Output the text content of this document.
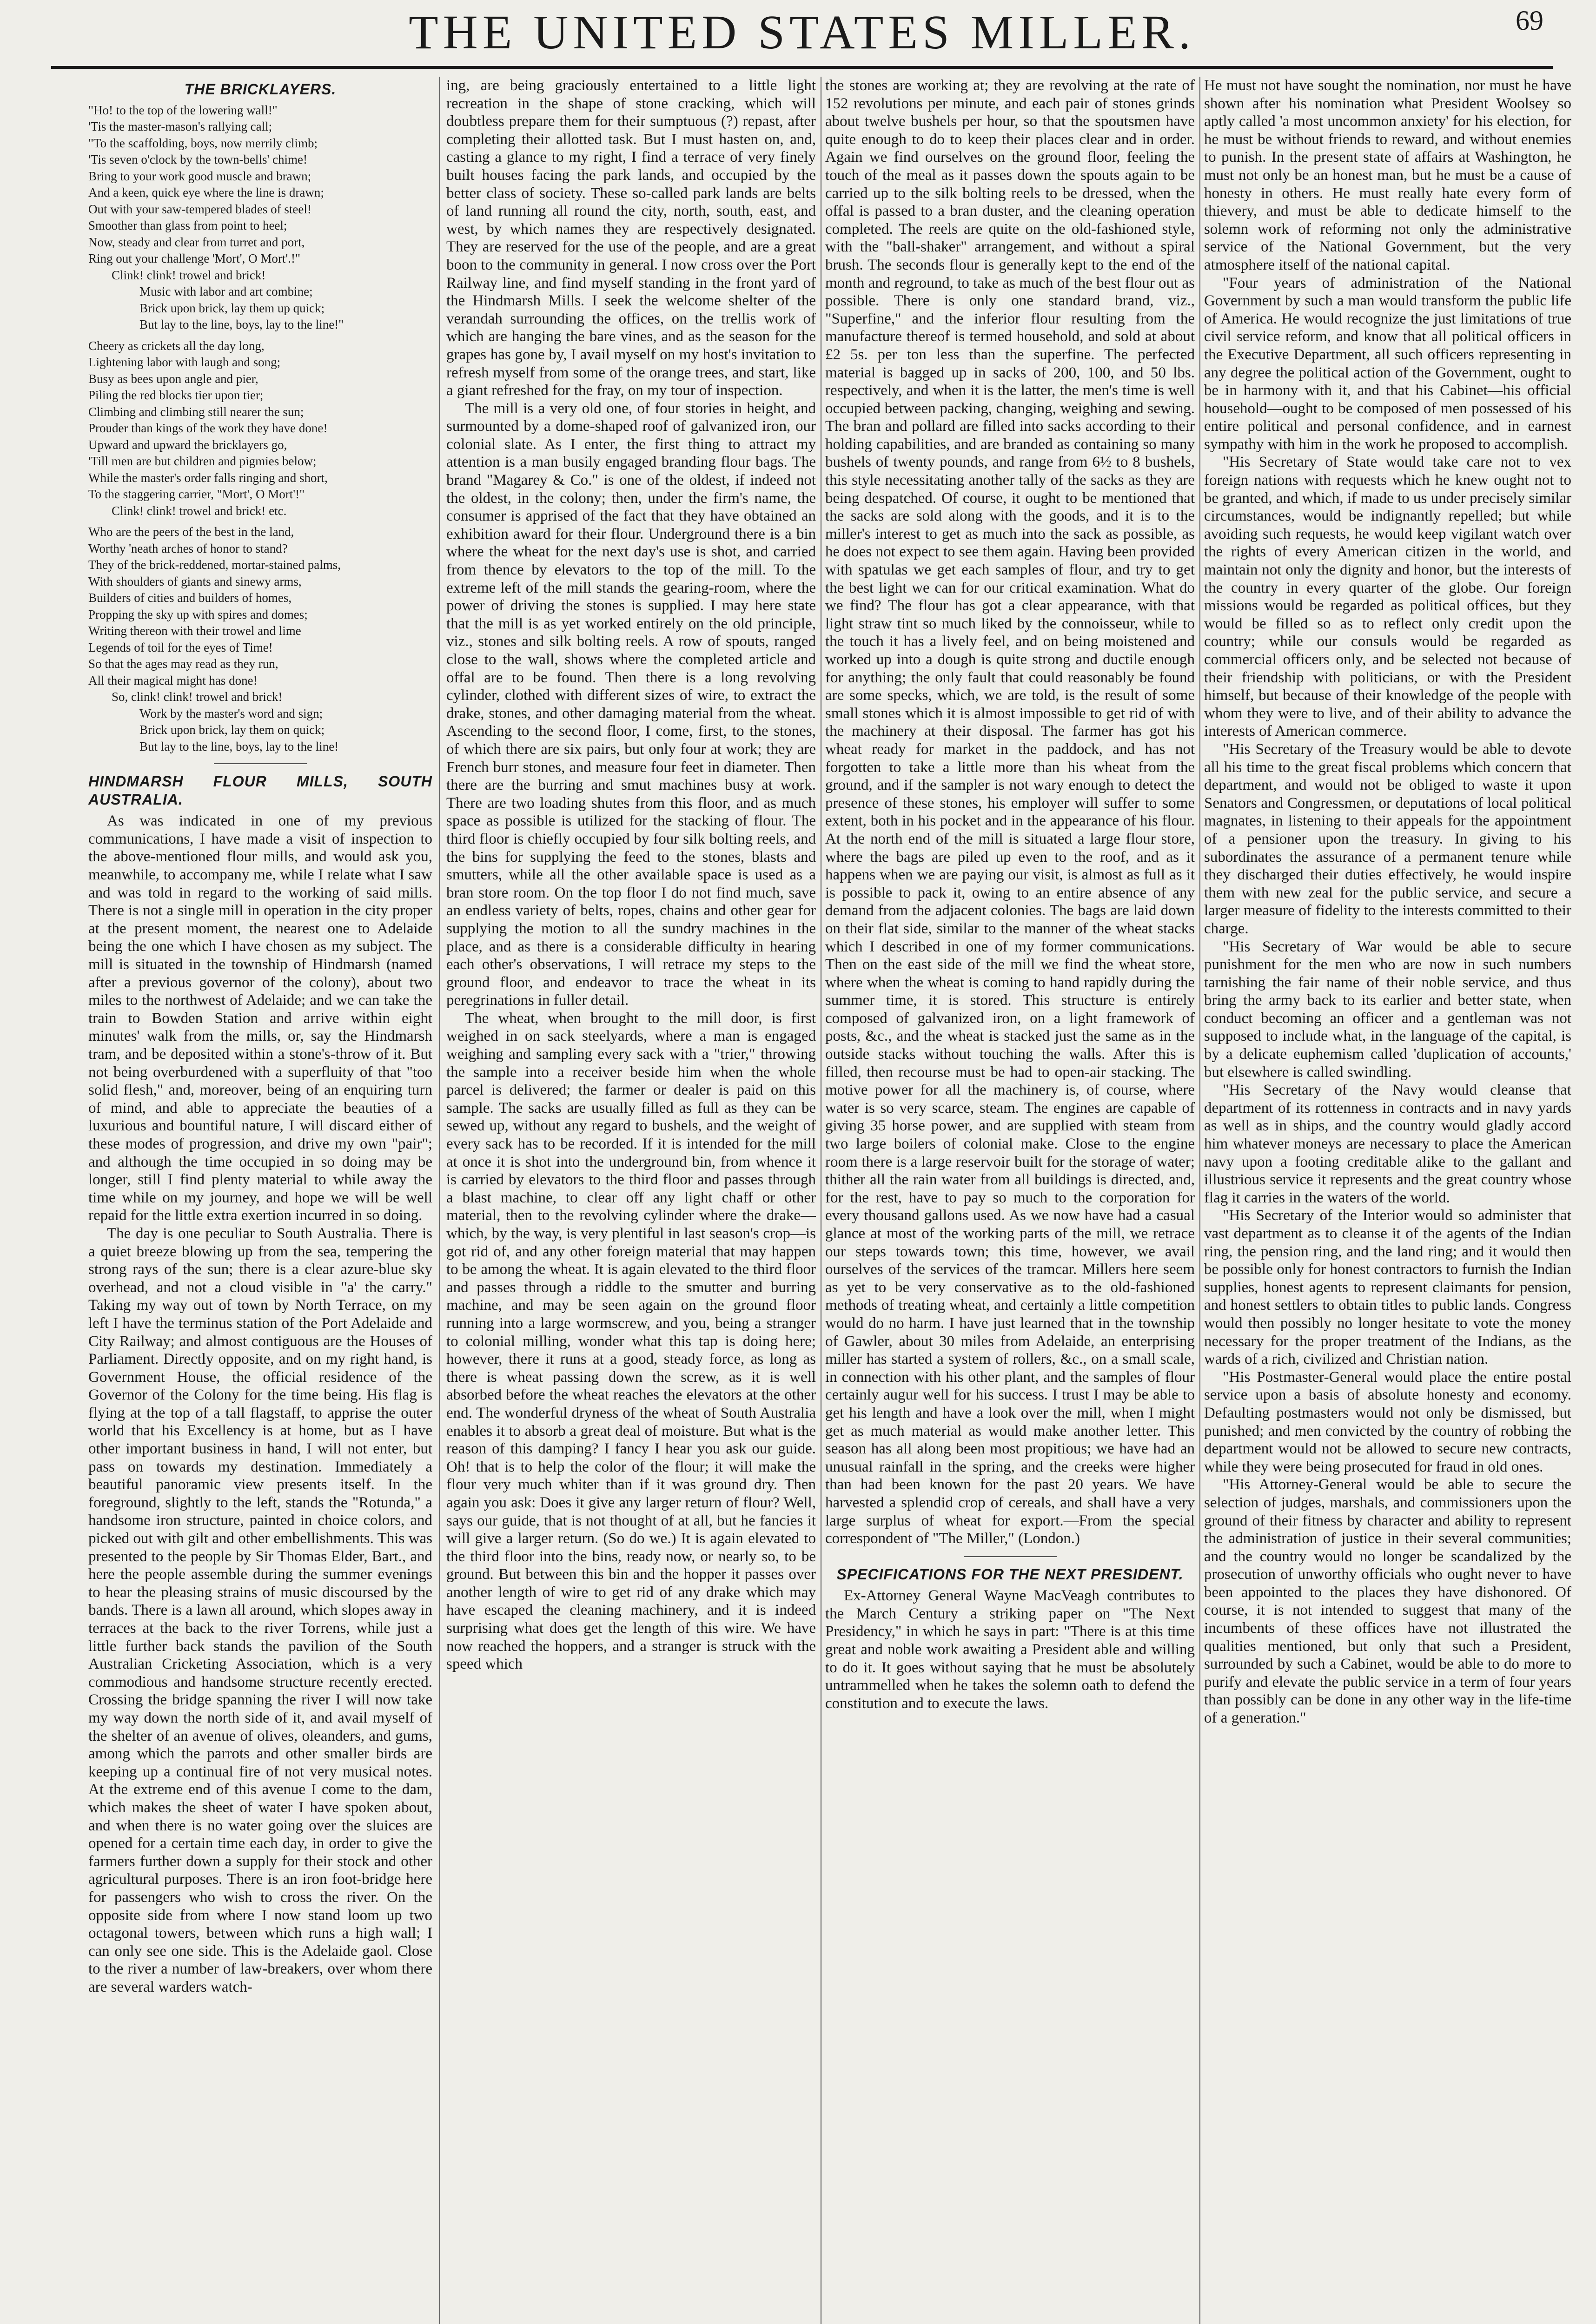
THE UNITED STATES MILLER.	69
THE BRICKLAYERS.
"Ho! to the top of the lowering wall!"
'Tis the master-mason's rallying call;
"To the scaffolding, boys, now merrily climb;
'Tis seven o'clock by the town-bells' chime!
Bring to your work good muscle and brawn;
And a keen, quick eye where the line is drawn;
Out with your saw-tempered blades of steel!
Smoother than glass from point to heel;
Now, steady and clear from turret and port,
Ring out your challenge 'Mort', O Mort'.!"
Clink! clink! trowel and brick!
Music with labor and art combine;
Brick upon brick, lay them up quick;
But lay to the line, boys, lay to the line!"
Cheery as crickets all the day long,
Lightening labor with laugh and song;
Busy as bees upon angle and pier,
Piling the red blocks tier upon tier;
Climbing and climbing still nearer the sun;
Prouder than kings of the work they have done!
Upward and upward the bricklayers go,
'Till men are but children and pigmies below;
While the master's order falls ringing and short,
To the staggering carrier, "Mort', O Mort'!"
Clink! clink! trowel and brick! etc.
Who are the peers of the best in the land,
Worthy 'neath arches of honor to stand?
They of the brick-reddened, mortar-stained palms,
With shoulders of giants and sinewy arms,
Builders of cities and builders of homes,
Propping the sky up with spires and domes;
Writing thereon with their trowel and lime
Legends of toil for the eyes of Time!
So that the ages may read as they run,
All their magical might has done!
So, clink! clink! trowel and brick!
Work by the master's word and sign;
Brick upon brick, lay them on quick;
But lay to the line, boys, lay to the line!
HINDMARSH FLOUR MILLS, SOUTH AUSTRALIA.

As was indicated in one of my previous communications, I have made a visit of inspection to the above-mentioned flour mills, and would ask you, meanwhile, to accompany me, while I relate what I saw and was told in regard to the working of said mills. There is not a single mill in operation in the city proper at the present moment, the nearest one to Adelaide being the one which I have chosen as my subject. The mill is situated in the township of Hindmarsh (named after a previous governor of the colony), about two miles to the northwest of Adelaide; and we can take the train to Bowden Station and arrive within eight minutes' walk from the mills, or, say the Hindmarsh tram, and be deposited within a stone's-throw of it. But not being overburdened with a superfluity of that "too solid flesh," and, moreover, being of an enquiring turn of mind, and able to appreciate the beauties of a luxurious and bountiful nature, I will discard either of these modes of progression, and drive my own "pair"; and although the time occupied in so doing may be longer, still I find plenty material to while away the time while on my journey, and hope we will be well repaid for the little extra exertion incurred in so doing.

The day is one peculiar to South Australia. There is a quiet breeze blowing up from the sea, tempering the strong rays of the sun; there is a clear azure-blue sky overhead, and not a cloud visible in "a' the carry." Taking my way out of town by North Terrace, on my left I have the terminus station of the Port Adelaide and City Railway; and almost contiguous are the Houses of Parliament. Directly opposite, and on my right hand, is Government House, the official residence of the Governor of the Colony for the time being. His flag is flying at the top of a tall flagstaff, to apprise the outer world that his Excellency is at home, but as I have other important business in hand, I will not enter, but pass on towards my destination. Immediately a beautiful panoramic view presents itself. In the foreground, slightly to the left, stands the "Rotunda," a handsome iron structure, painted in choice colors, and picked out with gilt and other embellishments. This was presented to the people by Sir Thomas Elder, Bart., and here the people assemble during the summer evenings to hear the pleasing strains of music discoursed by the bands. There is a lawn all around, which slopes away in terraces at the back to the river Torrens, while just a little further back stands the pavilion of the South Australian Cricketing Association, which is a very commodious and handsome structure recently erected. Crossing the bridge spanning the river I will now take my way down the north side of it, and avail myself of the shelter of an avenue of olives, oleanders, and gums, among which the parrots and other smaller birds are keeping up a continual fire of not very musical notes. At the extreme end of this avenue I come to the dam, which makes the sheet of water I have spoken about, and when there is no water going over the sluices are opened for a certain time each day, in order to give the farmers further down a supply for their stock and other agricultural purposes. There is an iron foot-bridge here for passengers who wish to cross the river. On the opposite side from where I now stand loom up two octagonal towers, between which runs a high wall; I can only see one side. This is the Adelaide gaol. Close to the river a number of law-breakers, over whom there are several warders watch-

ing, are being graciously entertained to a little light recreation in the shape of stone cracking, which will doubtless prepare them for their sumptuous (?) repast, after completing their allotted task. But I must hasten on, and, casting a glance to my right, I find a terrace of very finely built houses facing the park lands, and occupied by the better class of society. These so-called park lands are belts of land running all round the city, north, south, east, and west, by which names they are respectively designated. They are reserved for the use of the people, and are a great boon to the community in general. I now cross over the Port Railway line, and find myself standing in the front yard of the Hindmarsh Mills. I seek the welcome shelter of the verandah surrounding the offices, on the trellis work of which are hanging the bare vines, and as the season for the grapes has gone by, I avail myself on my host's invitation to refresh myself from some of the orange trees, and start, like a giant refreshed for the fray, on my tour of inspection.

The mill is a very old one, of four stories in height, and surmounted by a dome-shaped roof of galvanized iron, our colonial slate. As I enter, the first thing to attract my attention is a man busily engaged branding flour bags. The brand "Magarey & Co." is one of the oldest, if indeed not the oldest, in the colony; then, under the firm's name, the consumer is apprised of the fact that they have obtained an exhibition award for their flour. Underground there is a bin where the wheat for the next day's use is shot, and carried from thence by elevators to the top of the mill. To the extreme left of the mill stands the gearing-room, where the power of driving the stones is supplied. I may here state that the mill is as yet worked entirely on the old principle, viz., stones and silk bolting reels. A row of spouts, ranged close to the wall, shows where the completed article and offal are to be found. Then there is a long revolving cylinder, clothed with different sizes of wire, to extract the drake, stones, and other damaging material from the wheat. Ascending to the second floor, I come, first, to the stones, of which there are six pairs, but only four at work; they are French burr stones, and measure four feet in diameter. Then there are the burring and smut machines busy at work. There are two loading shutes from this floor, and as much space as possible is utilized for the stacking of flour. The third floor is chiefly occupied by four silk bolting reels, and the bins for supplying the feed to the stones, blasts and smutters, while all the other available space is used as a bran store room. On the top floor I do not find much, save an endless variety of belts, ropes, chains and other gear for supplying the motion to all the sundry machines in the place, and as there is a considerable difficulty in hearing each other's observations, I will retrace my steps to the ground floor, and endeavor to trace the wheat in its peregrinations in fuller detail.

The wheat, when brought to the mill door, is first weighed in on sack steelyards, where a man is engaged weighing and sampling every sack with a "trier," throwing the sample into a receiver beside him when the whole parcel is delivered; the farmer or dealer is paid on this sample. The sacks are usually filled as full as they can be sewed up, without any regard to bushels, and the weight of every sack has to be recorded. If it is intended for the mill at once it is shot into the underground bin, from whence it is carried by elevators to the third floor and passes through a blast machine, to clear off any light chaff or other material, then to the revolving cylinder where the drake—which, by the way, is very plentiful in last season's crop—is got rid of, and any other foreign material that may happen to be among the wheat. It is again elevated to the third floor and passes through a riddle to the smutter and burring machine, and may be seen again on the ground floor running into a large wormscrew, and you, being a stranger to colonial milling, wonder what this tap is doing here; however, there it runs at a good, steady force, as long as there is wheat passing down the screw, as it is well absorbed before the wheat reaches the elevators at the other end. The wonderful dryness of the wheat of South Australia enables it to absorb a great deal of moisture. But what is the reason of this damping? I fancy I hear you ask our guide. Oh! that is to help the color of the flour; it will make the flour very much whiter than if it was ground dry. Then again you ask: Does it give any larger return of flour? Well, says our guide, that is not thought of at all, but he fancies it will give a larger return. (So do we.) It is again elevated to the third floor into the bins, ready now, or nearly so, to be ground. But between this bin and the hopper it passes over another length of wire to get rid of any drake which may have escaped the cleaning machinery, and it is indeed surprising what does get the length of this wire. We have now reached the hoppers, and a stranger is struck with the speed which

the stones are working at; they are revolving at the rate of 152 revolutions per minute, and each pair of stones grinds about twelve bushels per hour, so that the spoutsmen have quite enough to do to keep their places clear and in order. Again we find ourselves on the ground floor, feeling the touch of the meal as it passes down the spouts again to be carried up to the silk bolting reels to be dressed, when the offal is passed to a bran duster, and the cleaning operation completed. The reels are quite on the old-fashioned style, with the "ball-shaker" arrangement, and without a spiral brush. The seconds flour is generally kept to the end of the month and reground, to take as much of the best flour out as possible. There is only one standard brand, viz., "Superfine," and the inferior flour resulting from the manufacture thereof is termed household, and sold at about £2 5s. per ton less than the superfine. The perfected material is bagged up in sacks of 200, 100, and 50 lbs. respectively, and when it is the latter, the men's time is well occupied between packing, changing, weighing and sewing. The bran and pollard are filled into sacks according to their holding capabilities, and are branded as containing so many bushels of twenty pounds, and range from 6½ to 8 bushels, this style necessitating another tally of the sacks as they are being despatched. Of course, it ought to be mentioned that the sacks are sold along with the goods, and it is to the miller's interest to get as much into the sack as possible, as he does not expect to see them again. Having been provided with spatulas we get each samples of flour, and try to get the best light we can for our critical examination. What do we find? The flour has got a clear appearance, with that light straw tint so much liked by the connoisseur, while to the touch it has a lively feel, and on being moistened and worked up into a dough is quite strong and ductile enough for anything; the only fault that could reasonably be found are some specks, which, we are told, is the result of some small stones which it is almost impossible to get rid of with the machinery at their disposal. The farmer has got his wheat ready for market in the paddock, and has not forgotten to take a little more than his wheat from the ground, and if the sampler is not wary enough to detect the presence of these stones, his employer will suffer to some extent, both in his pocket and in the appearance of his flour. At the north end of the mill is situated a large flour store, where the bags are piled up even to the roof, and as it happens when we are paying our visit, is almost as full as it is possible to pack it, owing to an entire absence of any demand from the adjacent colonies. The bags are laid down on their flat side, similar to the manner of the wheat stacks which I described in one of my former communications. Then on the east side of the mill we find the wheat store, where when the wheat is coming to hand rapidly during the summer time, it is stored. This structure is entirely composed of galvanized iron, on a light framework of posts, &c., and the wheat is stacked just the same as in the outside stacks without touching the walls. After this is filled, then recourse must be had to open-air stacking. The motive power for all the machinery is, of course, where water is so very scarce, steam. The engines are capable of giving 35 horse power, and are supplied with steam from two large boilers of colonial make. Close to the engine room there is a large reservoir built for the storage of water; thither all the rain water from all buildings is directed, and, for the rest, have to pay so much to the corporation for every thousand gallons used. As we now have had a casual glance at most of the working parts of the mill, we retrace our steps towards town; this time, however, we avail ourselves of the services of the tramcar. Millers here seem as yet to be very conservative as to the old-fashioned methods of treating wheat, and certainly a little competition would do no harm. I have just learned that in the township of Gawler, about 30 miles from Adelaide, an enterprising miller has started a system of rollers, &c., on a small scale, in connection with his other plant, and the samples of flour certainly augur well for his success. I trust I may be able to get his length and have a look over the mill, when I might get as much material as would make another letter. This season has all along been most propitious; we have had an unusual rainfall in the spring, and the creeks were higher than had been known for the past 20 years. We have harvested a splendid crop of cereals, and shall have a very large surplus of wheat for export.—From the special correspondent of "The Miller," (London.)

SPECIFICATIONS FOR THE NEXT PRESIDENT.

Ex-Attorney General Wayne MacVeagh contributes to the March Century a striking paper on "The Next Presidency," in which he says in part: "There is at this time great and noble work awaiting a President able and willing to do it. It goes without saying that he must be absolutely untrammelled when he takes the solemn oath to defend the constitution and to execute the laws.

He must not have sought the nomination, nor must he have shown after his nomination what President Woolsey so aptly called 'a most uncommon anxiety' for his election, for he must be without friends to reward, and without enemies to punish. In the present state of affairs at Washington, he must not only be an honest man, but he must be a cause of honesty in others. He must really hate every form of thievery, and must be able to dedicate himself to the solemn work of reforming not only the administrative service of the National Government, but the very atmosphere itself of the national capital.

"Four years of administration of the National Government by such a man would transform the public life of America. He would recognize the just limitations of true civil service reform, and know that all political officers in the Executive Department, all such officers representing in any degree the political action of the Government, ought to be in harmony with it, and that his Cabinet—his official household—ought to be composed of men possessed of his entire political and personal confidence, and in earnest sympathy with him in the work he proposed to accomplish.

"His Secretary of State would take care not to vex foreign nations with requests which he knew ought not to be granted, and which, if made to us under precisely similar circumstances, would be indignantly repelled; but while avoiding such requests, he would keep vigilant watch over the rights of every American citizen in the world, and maintain not only the dignity and honor, but the interests of the country in every quarter of the globe. Our foreign missions would be regarded as political offices, but they would be filled so as to reflect only credit upon the country; while our consuls would be regarded as commercial officers only, and be selected not because of their friendship with politicians, or with the President himself, but because of their knowledge of the people with whom they were to live, and of their ability to advance the interests of American commerce.

"His Secretary of the Treasury would be able to devote all his time to the great fiscal problems which concern that department, and would not be obliged to waste it upon Senators and Congressmen, or deputations of local political magnates, in listening to their appeals for the appointment of a pensioner upon the treasury. In giving to his subordinates the assurance of a permanent tenure while they discharged their duties effectively, he would inspire them with new zeal for the public service, and secure a larger measure of fidelity to the interests committed to their charge.

"His Secretary of War would be able to secure punishment for the men who are now in such numbers tarnishing the fair name of their noble service, and thus bring the army back to its earlier and better state, when conduct becoming an officer and a gentleman was not supposed to include what, in the language of the capital, is by a delicate euphemism called 'duplication of accounts,' but elsewhere is called swindling.

"His Secretary of the Navy would cleanse that department of its rottenness in contracts and in navy yards as well as in ships, and the country would gladly accord him whatever moneys are necessary to place the American navy upon a footing creditable alike to the gallant and illustrious service it represents and the great country whose flag it carries in the waters of the world.

"His Secretary of the Interior would so administer that vast department as to cleanse it of the agents of the Indian ring, the pension ring, and the land ring; and it would then be possible only for honest contractors to furnish the Indian supplies, honest agents to represent claimants for pension, and honest settlers to obtain titles to public lands. Congress would then possibly no longer hesitate to vote the money necessary for the proper treatment of the Indians, as the wards of a rich, civilized and Christian nation.

"His Postmaster-General would place the entire postal service upon a basis of absolute honesty and economy. Defaulting postmasters would not only be dismissed, but punished; and men convicted by the country of robbing the department would not be allowed to secure new contracts, while they were being prosecuted for fraud in old ones.

"His Attorney-General would be able to secure the selection of judges, marshals, and commissioners upon the ground of their fitness by character and ability to represent the administration of justice in their several communities; and the country would no longer be scandalized by the prosecution of unworthy officials who ought never to have been appointed to the places they have dishonored. Of course, it is not intended to suggest that many of the incumbents of these offices have not illustrated the qualities mentioned, but only that such a President, surrounded by such a Cabinet, would be able to do more to purify and elevate the public service in a term of four years than possibly can be done in any other way in the life-time of a generation."
